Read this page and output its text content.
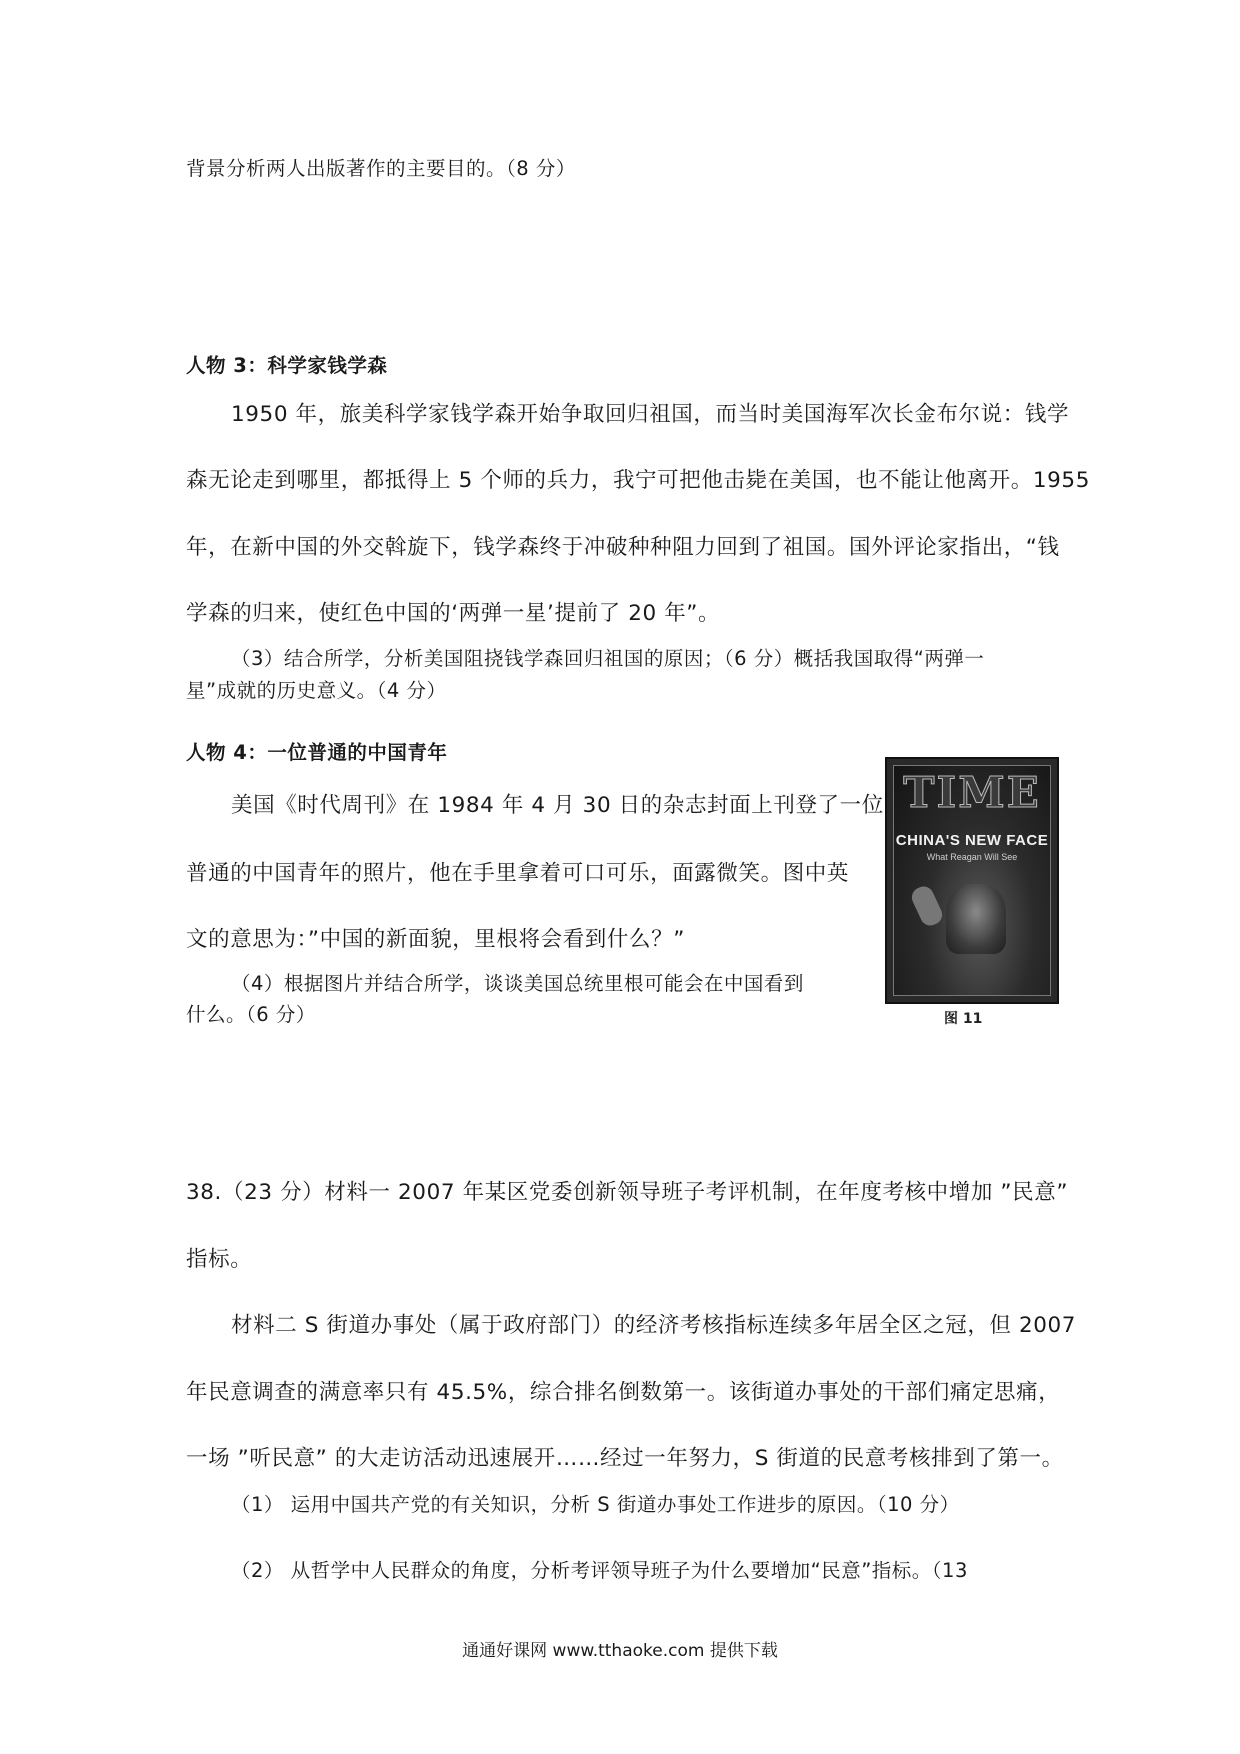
背景分析两人出版著作的主要目的。（8 分）
人物 3：科学家钱学森
1950 年，旅美科学家钱学森开始争取回归祖国，而当时美国海军次长金布尔说：钱学
森无论走到哪里，都抵得上 5 个师的兵力，我宁可把他击毙在美国，也不能让他离开。1955
年，在新中国的外交斡旋下，钱学森终于冲破种种阻力回到了祖国。国外评论家指出，“钱
学森的归来，使红色中国的‘两弹一星’提前了 20 年”。
（3）结合所学，分析美国阻挠钱学森回归祖国的原因；（6 分）概括我国取得“两弹一
星”成就的历史意义。（4 分）
人物 4：一位普通的中国青年
美国《时代周刊》在 1984 年 4 月 30 日的杂志封面上刊登了一位
普通的中国青年的照片，他在手里拿着可口可乐，面露微笑。图中英
文的意思为：”中国的新面貌，里根将会看到什么？”
（4）根据图片并结合所学，谈谈美国总统里根可能会在中国看到
什么。（6 分）
TIME
CHINA'S NEW FACE
What Reagan Will See
图 11
38.（23 分）材料一 2007 年某区党委创新领导班子考评机制，在年度考核中增加 ”民意”
指标。
材料二 S 街道办事处（属于政府部门）的经济考核指标连续多年居全区之冠，但 2007
年民意调查的满意率只有 45.5%，综合排名倒数第一。该街道办事处的干部们痛定思痛，
一场 ”听民意” 的大走访活动迅速展开……经过一年努力，S 街道的民意考核排到了第一。
（1） 运用中国共产党的有关知识，分析 S 街道办事处工作进步的原因。（10 分）
（2） 从哲学中人民群众的角度，分析考评领导班子为什么要增加“民意”指标。（13
通通好课网 www.tthaoke.com 提供下载
